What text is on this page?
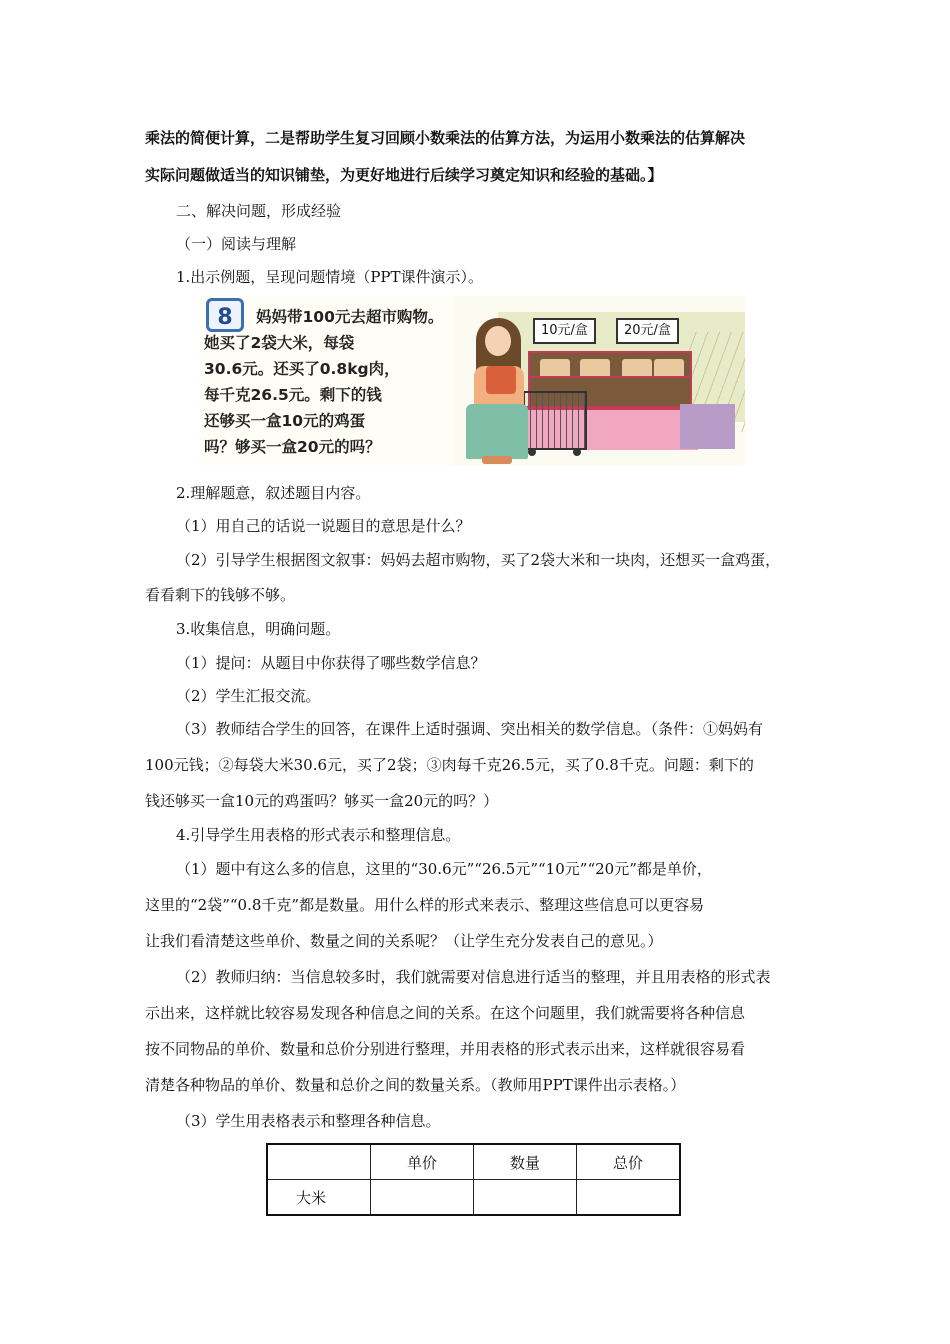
乘法的简便计算，二是帮助学生复习回顾小数乘法的估算方法，为运用小数乘法的估算解决
实际问题做适当的知识铺垫，为更好地进行后续学习奠定知识和经验的基础。】
二、解决问题，形成经验
（一）阅读与理解
1.出示例题，呈现问题情境（PPT课件演示）。
8	妈妈带100元去超市购物。
她买了2袋大米，每袋
30.6元。还买了0.8kg肉，
每千克26.5元。剩下的钱
还够买一盒10元的鸡蛋
吗？够买一盒20元的吗？
10元/盒	20元/盒
2.理解题意，叙述题目内容。
（1）用自己的话说一说题目的意思是什么？
（2）引导学生根据图文叙事：妈妈去超市购物，买了2袋大米和一块肉，还想买一盒鸡蛋，
看看剩下的钱够不够。
3.收集信息，明确问题。
（1）提问：从题目中你获得了哪些数学信息？
（2）学生汇报交流。
（3）教师结合学生的回答，在课件上适时强调、突出相关的数学信息。（条件：①妈妈有
100元钱；②每袋大米30.6元，买了2袋；③肉每千克26.5元，买了0.8千克。问题：剩下的
钱还够买一盒10元的鸡蛋吗？够买一盒20元的吗？）
4.引导学生用表格的形式表示和整理信息。
（1）题中有这么多的信息，这里的“30.6元”“26.5元”“10元”“20元”都是单价，
这里的“2袋”“0.8千克”都是数量。用什么样的形式来表示、整理这些信息可以更容易
让我们看清楚这些单价、数量之间的关系呢？（让学生充分发表自己的意见。）
（2）教师归纳：当信息较多时，我们就需要对信息进行适当的整理，并且用表格的形式表
示出来，这样就比较容易发现各种信息之间的关系。在这个问题里，我们就需要将各种信息
按不同物品的单价、数量和总价分别进行整理，并用表格的形式表示出来，这样就很容易看
清楚各种物品的单价、数量和总价之间的数量关系。（教师用PPT课件出示表格。）
（3）学生用表格表示和整理各种信息。
	单价	数量	总价
大米			
